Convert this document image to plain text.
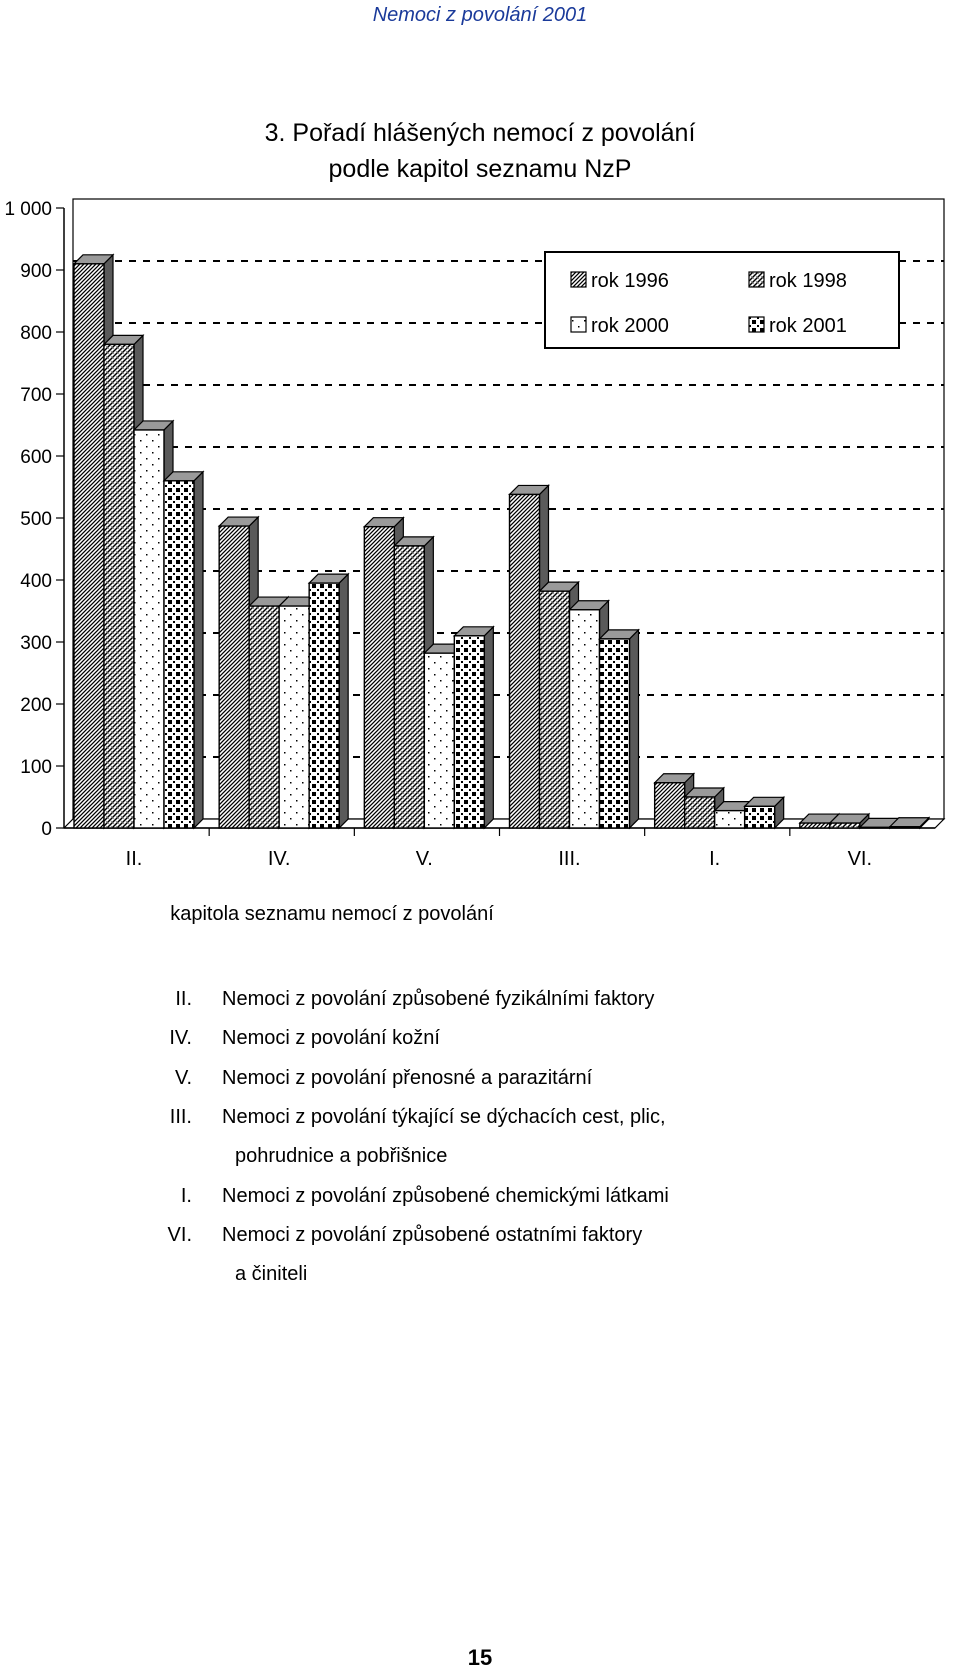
Nemoci z povolání 2001
3. Pořadí hlášených nemocí z povolání
podle kapitol seznamu NzP
0
100
200
300
400
500
600
700
800
900
1 000
II.	IV.	V.	III.	I.	VI.
rok 1996	rok 1998
rok 2000	rok 2001
kapitola seznamu nemocí z povolání
II. Nemoci z povolání způsobené fyzikálními faktory
IV. Nemoci z povolání kožní
V. Nemoci z povolání přenosné a parazitární
III. Nemoci z povolání týkající se dýchacích cest, plic,
pohrudnice a pobřišnice
I. Nemoci z povolání způsobené chemickými látkami
VI. Nemoci z povolání způsobené ostatními faktory
a činiteli
15
